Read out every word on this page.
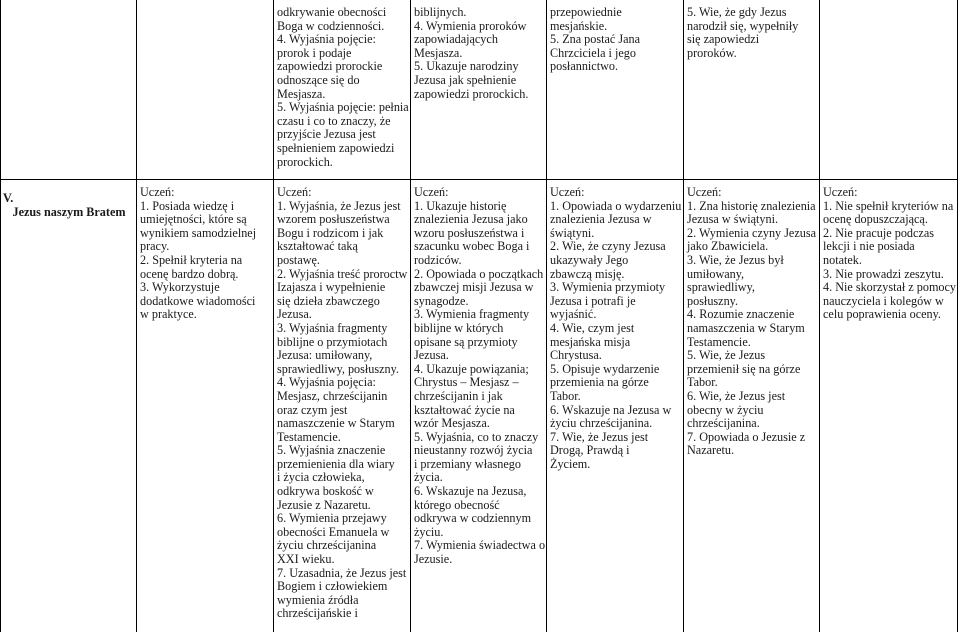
odkrywanie obecności
Boga w codzienności.
4. Wyjaśnia pojęcie:
prorok i podaje
zapowiedzi prorockie
odnoszące się do
Mesjasza.
5. Wyjaśnia pojęcie: pełnia
czasu i co to znaczy, że
przyjście Jezusa jest
spełnieniem zapowiedzi
prorockich.
biblijnych.
4. Wymienia proroków
zapowiadających
Mesjasza.
5. Ukazuje narodziny
Jezusa jak spełnienie
zapowiedzi prorockich.
przepowiednie
mesjańskie.
5. Zna postać Jana
Chrzciciela i jego
posłannictwo.
5. Wie, że gdy Jezus
narodził się, wypełniły
się zapowiedzi
proroków.
V.
Jezus naszym Bratem
Uczeń:
1. Posiada wiedzę i
umiejętności, które są
wynikiem samodzielnej
pracy.
2. Spełnił kryteria na
ocenę bardzo dobrą.
3. Wykorzystuje
dodatkowe wiadomości
w praktyce.
Uczeń:
1. Wyjaśnia, że Jezus jest
wzorem posłuszeństwa
Bogu i rodzicom i jak
kształtować taką
postawę.
2. Wyjaśnia treść proroctw
Izajasza i wypełnienie
się dzieła zbawczego
Jezusa.
3. Wyjaśnia fragmenty
biblijne o przymiotach
Jezusa: umiłowany,
sprawiedliwy, posłuszny.
4. Wyjaśnia pojęcia:
Mesjasz, chrześcijanin
oraz czym jest
namaszczenie w Starym
Testamencie.
5. Wyjaśnia znaczenie
przemienienia dla wiary
i życia człowieka,
odkrywa boskość w
Jezusie z Nazaretu.
6. Wymienia przejawy
obecności Emanuela w
życiu chrześcijanina
XXI wieku.
7. Uzasadnia, że Jezus jest
Bogiem i człowiekiem
wymienia źródła
chrześcijańskie i
Uczeń:
1. Ukazuje historię
znalezienia Jezusa jako
wzoru posłuszeństwa i
szacunku wobec Boga i
rodziców.
2. Opowiada o początkach
zbawczej misji Jezusa w
synagodze.
3. Wymienia fragmenty
biblijne w których
opisane są przymioty
Jezusa.
4. Ukazuje powiązania;
Chrystus – Mesjasz –
chrześcijanin i jak
kształtować życie na
wzór Mesjasza.
5. Wyjaśnia, co to znaczy
nieustanny rozwój życia
i przemiany własnego
życia.
6. Wskazuje na Jezusa,
którego obecność
odkrywa w codziennym
życiu.
7. Wymienia świadectwa o
Jezusie.
Uczeń:
1. Opowiada o wydarzeniu
znalezienia Jezusa w
świątyni.
2. Wie, że czyny Jezusa
ukazywały Jego
zbawczą misję.
3. Wymienia przymioty
Jezusa i potrafi je
wyjaśnić.
4. Wie, czym jest
mesjańska misja
Chrystusa.
5. Opisuje wydarzenie
przemienia na górze
Tabor.
6. Wskazuje na Jezusa w
życiu chrześcijanina.
7. Wie, że Jezus jest
Drogą, Prawdą i
Życiem.
Uczeń:
1. Zna historię znalezienia
Jezusa w świątyni.
2. Wymienia czyny Jezusa
jako Zbawiciela.
3. Wie, że Jezus był
umiłowany,
sprawiedliwy,
posłuszny.
4. Rozumie znaczenie
namaszczenia w Starym
Testamencie.
5. Wie, że Jezus
przemienił się na górze
Tabor.
6. Wie, że Jezus jest
obecny w życiu
chrześcijanina.
7. Opowiada o Jezusie z
Nazaretu.
Uczeń:
1. Nie spełnił kryteriów na
ocenę dopuszczającą.
2. Nie pracuje podczas
lekcji i nie posiada
notatek.
3. Nie prowadzi zeszytu.
4. Nie skorzystał z pomocy
nauczyciela i kolegów w
celu poprawienia oceny.
